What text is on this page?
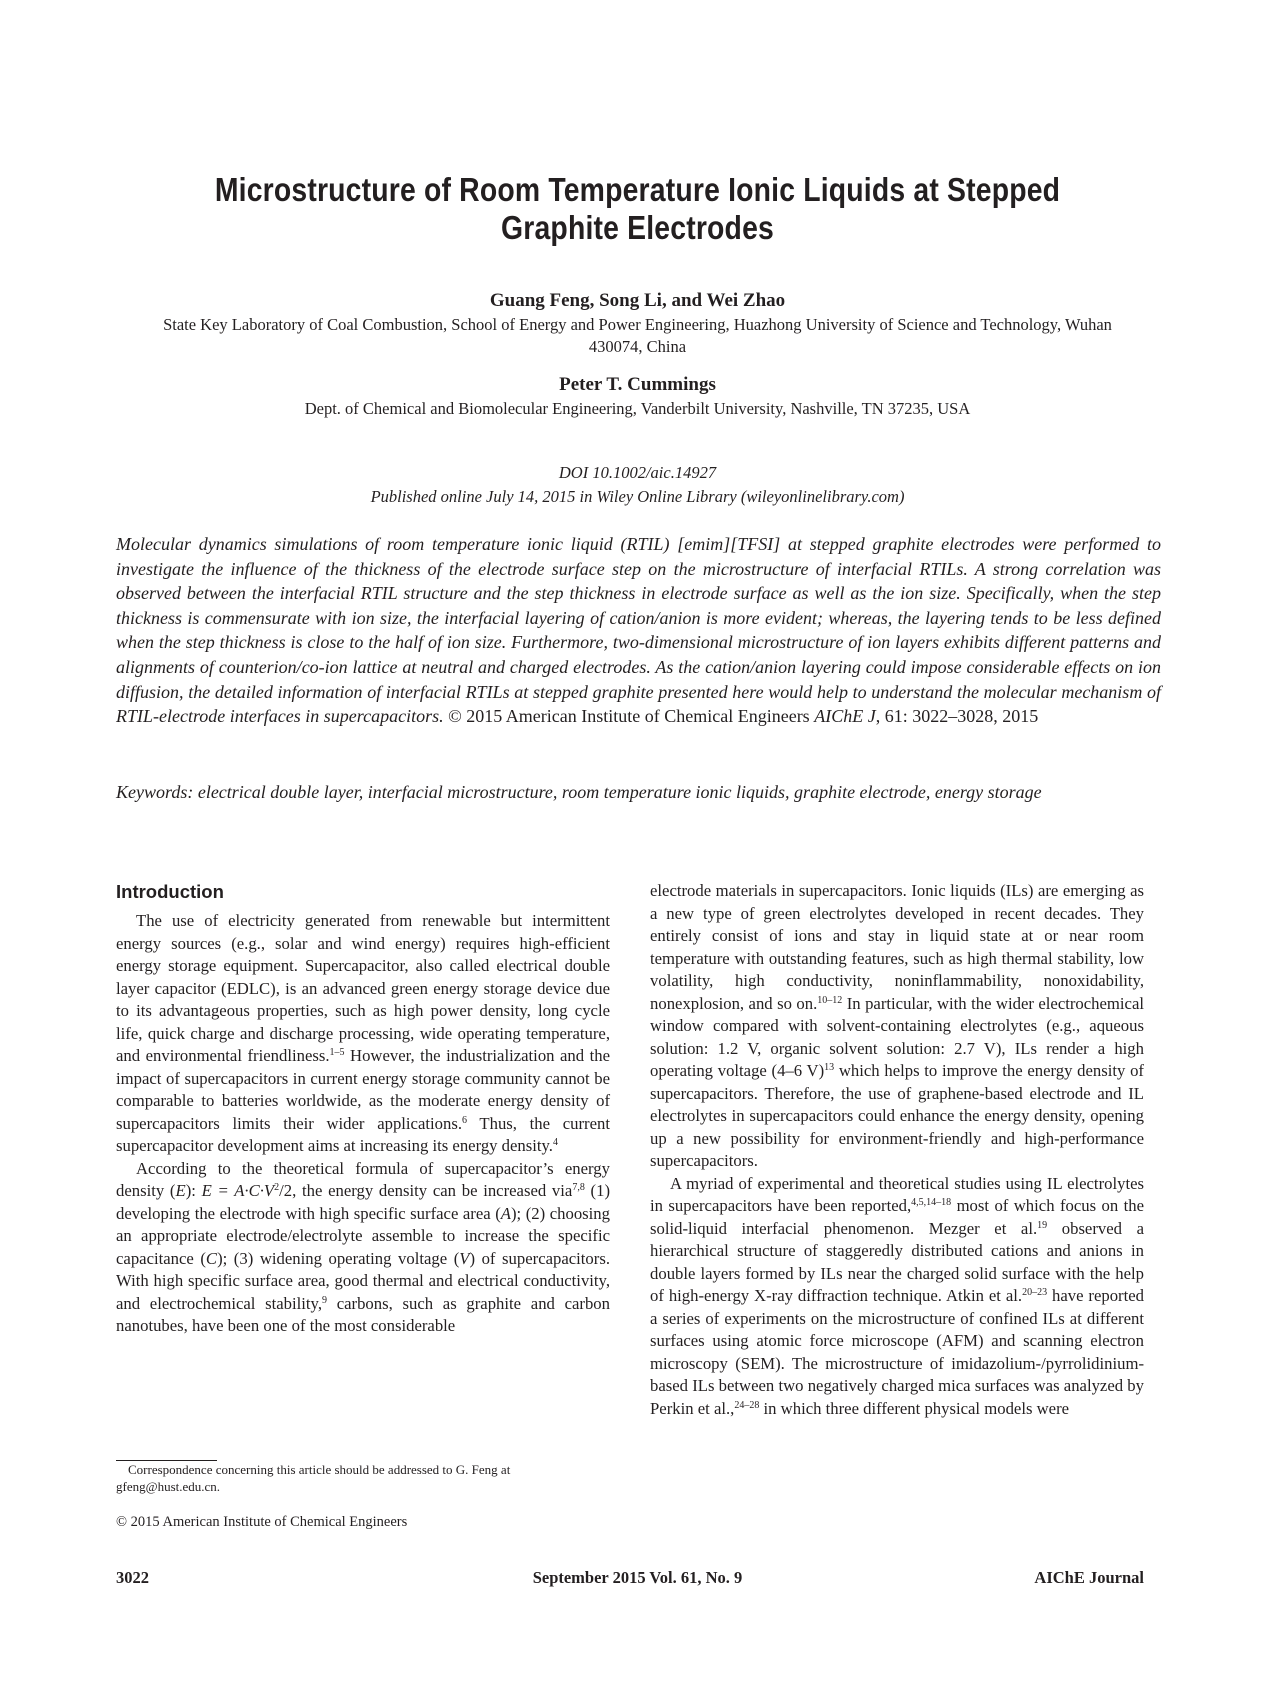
Microstructure of Room Temperature Ionic Liquids at Stepped
Graphite Electrodes
Guang Feng, Song Li, and Wei Zhao
State Key Laboratory of Coal Combustion, School of Energy and Power Engineering, Huazhong University of Science and Technology, Wuhan 430074, China
Peter T. Cummings
Dept. of Chemical and Biomolecular Engineering, Vanderbilt University, Nashville, TN 37235, USA
DOI 10.1002/aic.14927
Published online July 14, 2015 in Wiley Online Library (wileyonlinelibrary.com)
Molecular dynamics simulations of room temperature ionic liquid (RTIL) [emim][TFSI] at stepped graphite electrodes were performed to investigate the influence of the thickness of the electrode surface step on the microstructure of interfacial RTILs. A strong correlation was observed between the interfacial RTIL structure and the step thickness in electrode surface as well as the ion size. Specifically, when the step thickness is commensurate with ion size, the interfacial layering of cation/anion is more evident; whereas, the layering tends to be less defined when the step thickness is close to the half of ion size. Furthermore, two-dimensional microstructure of ion layers exhibits different patterns and alignments of counterion/co-ion lattice at neutral and charged electrodes. As the cation/anion layering could impose considerable effects on ion diffusion, the detailed information of interfacial RTILs at stepped graphite presented here would help to understand the molecular mechanism of RTIL-electrode interfaces in supercapacitors. © 2015 American Institute of Chemical Engineers AIChE J, 61: 3022–3028, 2015
Keywords: electrical double layer, interfacial microstructure, room temperature ionic liquids, graphite electrode, energy storage
Introduction

The use of electricity generated from renewable but intermittent energy sources (e.g., solar and wind energy) requires high-efficient energy storage equipment. Supercapacitor, also called electrical double layer capacitor (EDLC), is an advanced green energy storage device due to its advantageous properties, such as high power density, long cycle life, quick charge and discharge processing, wide operating temperature, and environmental friendliness.$^{1-5}$ However, the industrialization and the impact of supercapacitors in current energy storage community cannot be comparable to batteries worldwide, as the moderate energy density of supercapacitors limits their wider applications.$^6$ Thus, the current supercapacitor development aims at increasing its energy density.$^4$

According to the theoretical formula of supercapacitor’s energy density (E): $E = A\cdot C\cdot V^2/2$, the energy density can be increased via$^{7,8}$ (1) developing the electrode with high specific surface area (A); (2) choosing an appropriate electrode/electrolyte assemble to increase the specific capacitance (C); (3) widening operating voltage (V) of supercapacitors. With high specific surface area, good thermal and electrical conductivity, and electrochemical stability,$^9$ carbons, such as graphite and carbon nanotubes, have been one of the most considerable

electrode materials in supercapacitors. Ionic liquids (ILs) are emerging as a new type of green electrolytes developed in recent decades. They entirely consist of ions and stay in liquid state at or near room temperature with outstanding features, such as high thermal stability, low volatility, high conductivity, noninflammability, nonoxidability, nonexplosion, and so on.$^{10-12}$ In particular, with the wider electrochemical window compared with solvent-containing electrolytes (e.g., aqueous solution: 1.2 V, organic solvent solution: 2.7 V), ILs render a high operating voltage (4–6 V)$^{13}$ which helps to improve the energy density of supercapacitors. Therefore, the use of graphene-based electrode and IL electrolytes in supercapacitors could enhance the energy density, opening up a new possibility for environment-friendly and high-performance supercapacitors.

A myriad of experimental and theoretical studies using IL electrolytes in supercapacitors have been reported,$^{4,5,14-18}$ most of which focus on the solid-liquid interfacial phenomenon. Mezger et al.$^{19}$ observed a hierarchical structure of staggeredly distributed cations and anions in double layers formed by ILs near the charged solid surface with the help of high-energy X-ray diffraction technique. Atkin et al.$^{20-23}$ have reported a series of experiments on the microstructure of confined ILs at different surfaces using atomic force microscope (AFM) and scanning electron microscopy (SEM). The microstructure of imidazolium-/pyrrolidinium-based ILs between two negatively charged mica surfaces was analyzed by Perkin et al.,$^{24-28}$ in which three different physical models were

Correspondence concerning this article should be addressed to G. Feng at gfeng@hust.edu.cn.
© 2015 American Institute of Chemical Engineers
3022	September 2015 Vol. 61, No. 9	AIChE Journal
